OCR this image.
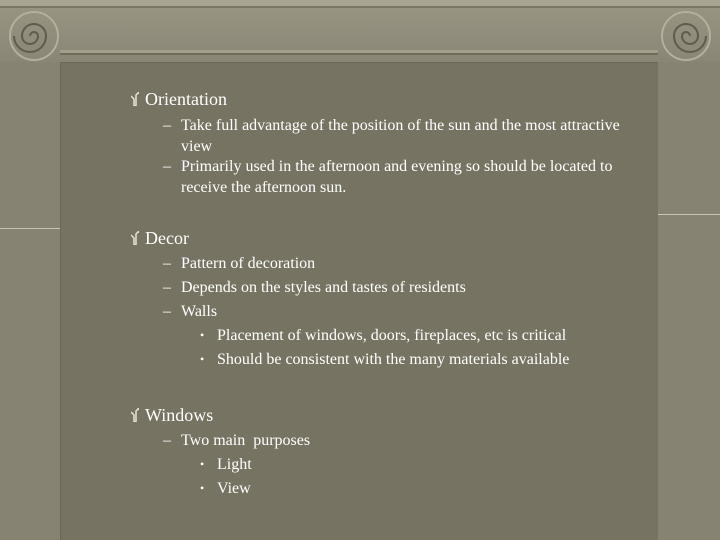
Orientation
– Take full advantage of the position of the sun and the most attractive view
– Primarily used in the afternoon and evening so should be located to receive the afternoon sun.
Decor
– Pattern of decoration
– Depends on the styles and tastes of residents
– Walls
• Placement of windows, doors, fireplaces, etc is critical
• Should be consistent with the many materials available
Windows
– Two main  purposes
• Light
• View
